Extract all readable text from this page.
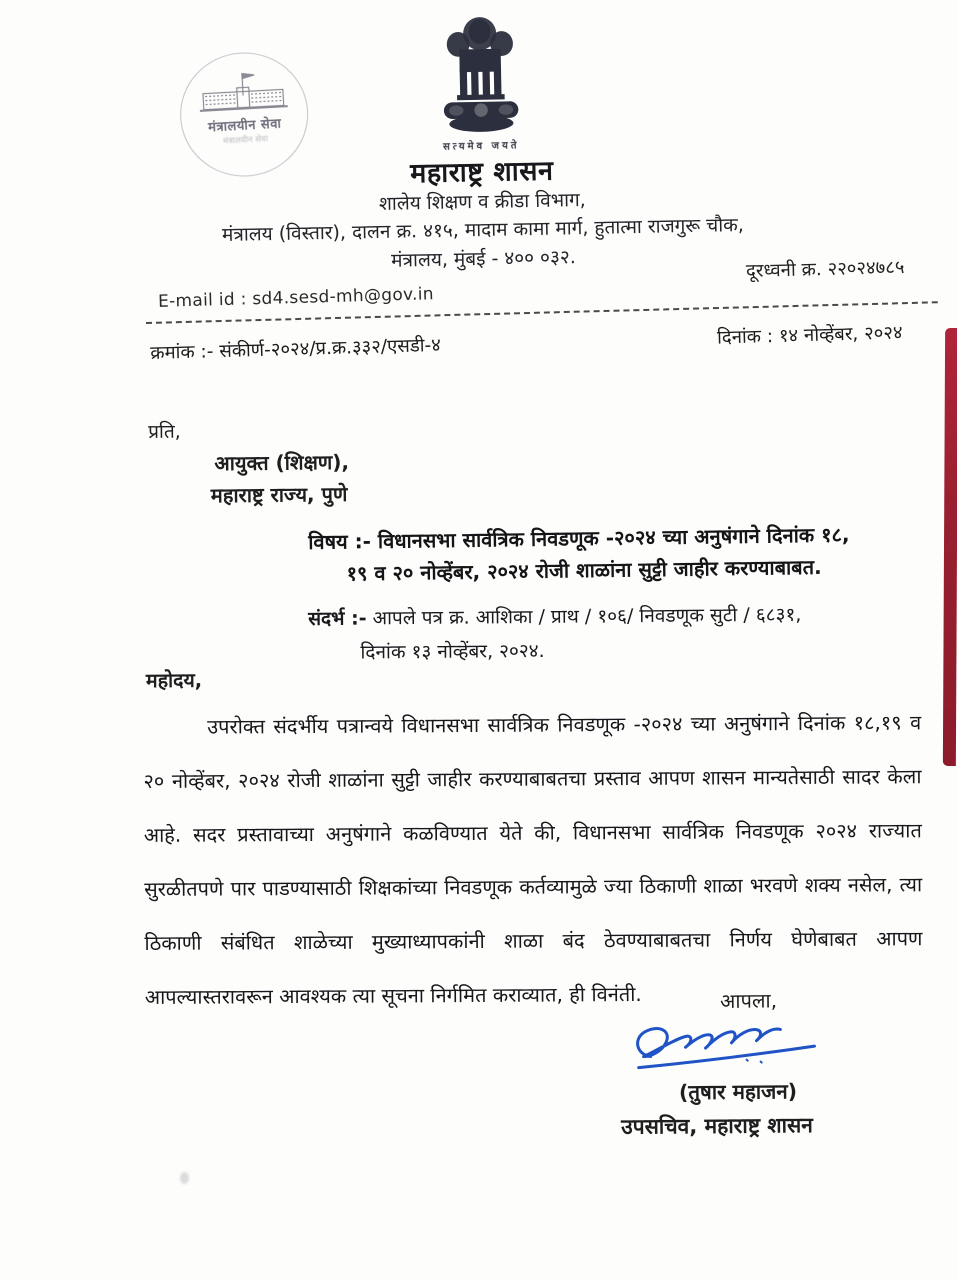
मंत्रालयीन सेवा
मंत्रालयीन सेवा	सत्यमेव जयते
महाराष्ट्र शासन
शालेय शिक्षण व क्रीडा विभाग,
मंत्रालय (विस्तार), दालन क्र. ४१५, मादाम कामा मार्ग, हुतात्मा राजगुरू चौक,
मंत्रालय, मुंबई - ४०० ०३२.	दूरध्वनी क्र. २२०२४७८५
E-mail id : sd4.sesd-mh@gov.in
क्रमांक :- संकीर्ण-२०२४/प्र.क्र.३३२/एसडी-४	दिनांक : १४ नोव्हेंबर, २०२४
प्रति,
आयुक्त (शिक्षण),
महाराष्ट्र राज्य, पुणे
विषय :- विधानसभा सार्वत्रिक निवडणूक -२०२४ च्या अनुषंगाने दिनांक १८,
१९ व २० नोव्हेंबर, २०२४ रोजी शाळांना सुट्टी जाहीर करण्याबाबत.
संदर्भ :- आपले पत्र क्र. आशिका / प्राथ / १०६/ निवडणूक सुटी / ६८३१,
दिनांक १३ नोव्हेंबर, २०२४.
महोदय,
उपरोक्त संदर्भीय पत्रान्वये विधानसभा सार्वत्रिक निवडणूक -२०२४ च्या अनुषंगाने दिनांक १८,१९ व
२० नोव्हेंबर, २०२४ रोजी शाळांना सुट्टी जाहीर करण्याबाबतचा प्रस्ताव आपण शासन मान्यतेसाठी सादर केला
आहे. सदर प्रस्तावाच्या अनुषंगाने कळविण्यात येते की, विधानसभा सार्वत्रिक निवडणूक २०२४ राज्यात
सुरळीतपणे पार पाडण्यासाठी शिक्षकांच्या निवडणूक कर्तव्यामुळे ज्या ठिकाणी शाळा भरवणे शक्य नसेल, त्या
ठिकाणी संबंधित शाळेच्या मुख्याध्यापकांनी शाळा बंद ठेवण्याबाबतचा निर्णय घेणेबाबत आपण
आपल्यास्तरावरून आवश्यक त्या सूचना निर्गमित कराव्यात, ही विनंती.	आपला,
(तुषार महाजन)
उपसचिव, महाराष्ट्र शासन
